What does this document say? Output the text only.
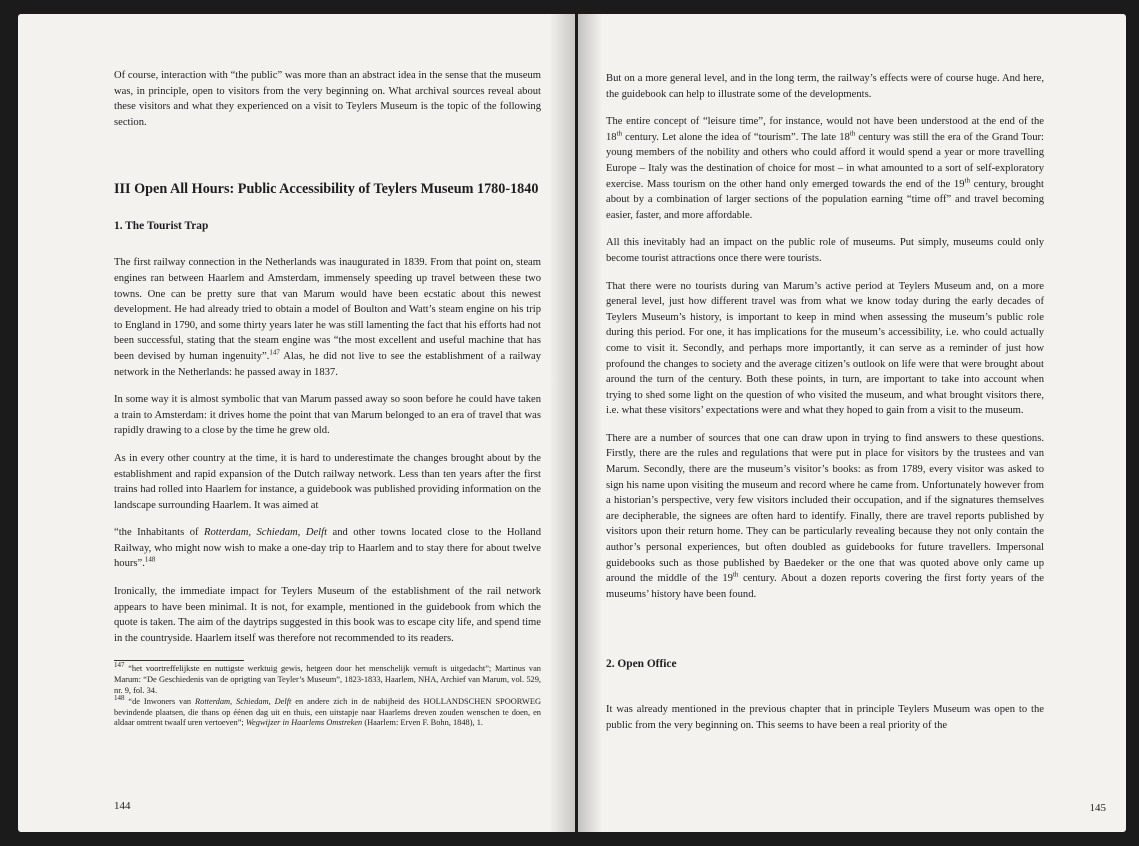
Of course, interaction with “the public” was more than an abstract idea in the sense that the museum was, in principle, open to visitors from the very beginning on. What archival sources reveal about these visitors and what they experienced on a visit to Teylers Museum is the topic of the following section.

III Open All Hours: Public Accessibility of Teylers Museum 1780-1840
1. The Tourist Trap

The first railway connection in the Netherlands was inaugurated in 1839. From that point on, steam engines ran between Haarlem and Amsterdam, immensely speeding up travel between these two towns. One can be pretty sure that van Marum would have been ecstatic about this newest development. He had already tried to obtain a model of Boulton and Watt’s steam engine on his trip to England in 1790, and some thirty years later he was still lamenting the fact that his efforts had not been successful, stating that the steam engine was “the most excellent and useful machine that has been devised by human ingenuity”.$^{147}$ Alas, he did not live to see the establishment of a railway network in the Netherlands: he passed away in 1837.

In some way it is almost symbolic that van Marum passed away so soon before he could have taken a train to Amsterdam: it drives home the point that van Marum belonged to an era of travel that was rapidly drawing to a close by the time he grew old.

As in every other country at the time, it is hard to underestimate the changes brought about by the establishment and rapid expansion of the Dutch railway network. Less than ten years after the first trains had rolled into Haarlem for instance, a guidebook was published providing information on the landscape surrounding Haarlem. It was aimed at

“the Inhabitants of Rotterdam, Schiedam, Delft and other towns located close to the Holland Railway, who might now wish to make a one-day trip to Haarlem and to stay there for about twelve hours”.$^{148}$

Ironically, the immediate impact for Teylers Museum of the establishment of the rail network appears to have been minimal. It is not, for example, mentioned in the guidebook from which the quote is taken. The aim of the daytrips suggested in this book was to escape city life, and spend time in the countryside. Haarlem itself was therefore not recommended to its readers.

$^{147}$ “het voortreffelijkste en nuttigste werktuig gewis, hetgeen door het menschelijk vernuft is uitgedacht”; Martinus van Marum: “De Geschiedenis van de oprigting van Teyler’s Museum”, 1823-1833, Haarlem, NHA, Archief van Marum, vol. 529, nr. 9, fol. 34.

$^{148}$ “de Inwoners van Rotterdam, Schiedam, Delft en andere zich in de nabijheid des HOLLANDSCHEN SPOORWEG bevindende plaatsen, die thans op éénen dag uit en thuis, een uitstapje naar Haarlems dreven zouden wenschen te doen, en aldaar omtrent twaalf uren vertoeven”; Wegwijzer in Haarlems Omstreken (Haarlem: Erven F. Bohn, 1848), 1.

144

But on a more general level, and in the long term, the railway’s effects were of course huge. And here, the guidebook can help to illustrate some of the developments.

The entire concept of “leisure time”, for instance, would not have been understood at the end of the 18th century. Let alone the idea of “tourism”. The late 18th century was still the era of the Grand Tour: young members of the nobility and others who could afford it would spend a year or more travelling Europe – Italy was the destination of choice for most – in what amounted to a sort of self-exploratory exercise. Mass tourism on the other hand only emerged towards the end of the 19th century, brought about by a combination of larger sections of the population earning “time off” and travel becoming easier, faster, and more affordable.

All this inevitably had an impact on the public role of museums. Put simply, museums could only become tourist attractions once there were tourists.

That there were no tourists during van Marum’s active period at Teylers Museum and, on a more general level, just how different travel was from what we know today during the early decades of Teylers Museum’s history, is important to keep in mind when assessing the museum’s public role during this period. For one, it has implications for the museum’s accessibility, i.e. who could actually come to visit it. Secondly, and perhaps more importantly, it can serve as a reminder of just how profound the changes to society and the average citizen’s outlook on life were that were brought about around the turn of the century. Both these points, in turn, are important to take into account when trying to shed some light on the question of who visited the museum, and what brought visitors there, i.e. what these visitors’ expectations were and what they hoped to gain from a visit to the museum.

There are a number of sources that one can draw upon in trying to find answers to these questions. Firstly, there are the rules and regulations that were put in place for visitors by the trustees and van Marum. Secondly, there are the museum’s visitor’s books: as from 1789, every visitor was asked to sign his name upon visiting the museum and record where he came from. Unfortunately however from a historian’s perspective, very few visitors included their occupation, and if the signatures themselves are decipherable, the signees are often hard to identify. Finally, there are travel reports published by visitors upon their return home. They can be particularly revealing because they not only contain the author’s personal experiences, but often doubled as guidebooks for future travellers. Impersonal guidebooks such as those published by Baedeker or the one that was quoted above only came up around the middle of the 19th century. About a dozen reports covering the first forty years of the museums’ history have been found.

2. Open Office

It was already mentioned in the previous chapter that in principle Teylers Museum was open to the public from the very beginning on. This seems to have been a real priority of the

145
